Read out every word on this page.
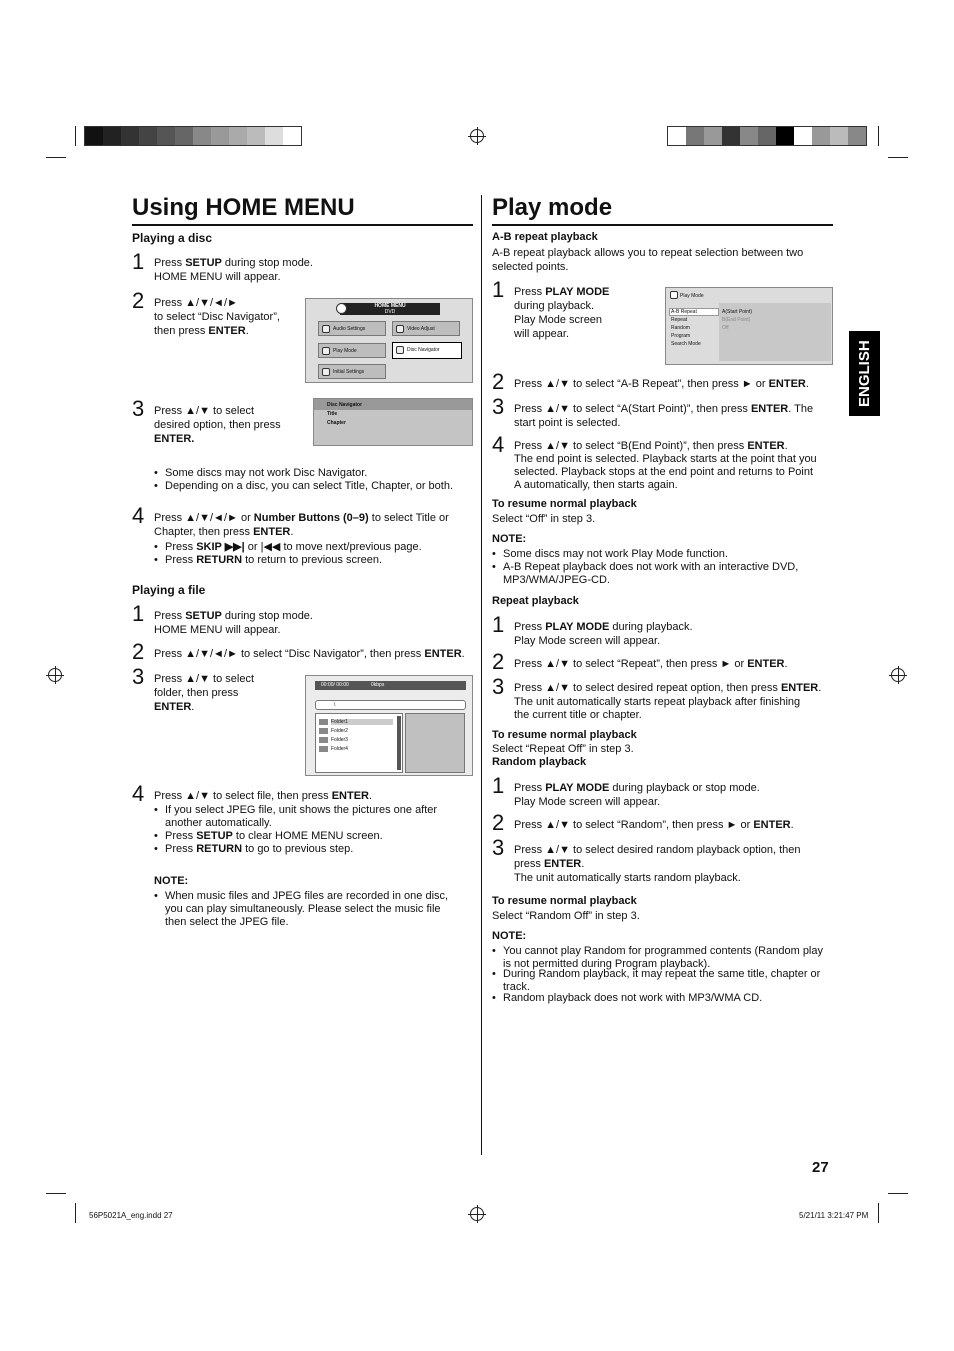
Using HOME MENU
Playing a disc
1 Press SETUP during stop mode.
HOME MENU will appear.
2 Press ▲/▼/◄/►
to select “Disc Navigator”,
then press ENTER.
HOME MENU
DVD
Audio Settings	Video Adjust
Play Mode	Disc Navigator
Initial Settings
3 Press ▲/▼ to select
desired option, then press
ENTER.
Disc Navigator
Title
Chapter
• Some discs may not work Disc Navigator.
• Depending on a disc, you can select Title, Chapter, or both.
4 Press ▲/▼/◄/► or Number Buttons (0–9) to select Title or
Chapter, then press ENTER.
• Press SKIP ▶▶| or |◀◀ to move next/previous page.
• Press RETURN to return to previous screen.
Playing a file
1 Press SETUP during stop mode.
HOME MENU will appear.
2 Press ▲/▼/◄/► to select “Disc Navigator”, then press ENTER.
3 Press ▲/▼ to select
folder, then press
ENTER.
00:00/ 00:00	0kbps
\
Folder1
Folder2
Folder3
Folder4
4 Press ▲/▼ to select file, then press ENTER.
• If you select JPEG file, unit shows the pictures one after
another automatically.
• Press SETUP to clear HOME MENU screen.
• Press RETURN to go to previous step.
NOTE:
• When music files and JPEG files are recorded in one disc,
you can play simultaneously. Please select the music file
then select the JPEG file.
Play mode
A-B repeat playback
A-B repeat playback allows you to repeat selection between two
selected points.
1 Press PLAY MODE
during playback.
Play Mode screen
will appear.
Play Mode
A-B Repeat
Repeat
Random
Program
Search Mode
A(Start Point)
B(End Point)
Off
2 Press ▲/▼ to select “A-B Repeat”, then press ► or ENTER.
3 Press ▲/▼ to select “A(Start Point)”, then press ENTER. The
start point is selected.
4 Press ▲/▼ to select “B(End Point)”, then press ENTER.
The end point is selected. Playback starts at the point that you
selected. Playback stops at the end point and returns to Point
A automatically, then starts again.
To resume normal playback
Select “Off” in step 3.
NOTE:
• Some discs may not work Play Mode function.
• A-B Repeat playback does not work with an interactive DVD,
MP3/WMA/JPEG-CD.
Repeat playback
1 Press PLAY MODE during playback.
Play Mode screen will appear.
2 Press ▲/▼ to select “Repeat”, then press ► or ENTER.
3 Press ▲/▼ to select desired repeat option, then press ENTER.
The unit automatically starts repeat playback after finishing
the current title or chapter.
To resume normal playback
Select “Repeat Off” in step 3.
Random playback
1 Press PLAY MODE during playback or stop mode.
Play Mode screen will appear.
2 Press ▲/▼ to select “Random”, then press ► or ENTER.
3 Press ▲/▼ to select desired random playback option, then
press ENTER.
The unit automatically starts random playback.
To resume normal playback
Select “Random Off” in step 3.
NOTE:
• You cannot play Random for programmed contents (Random play
is not permitted during Program playback).
• During Random playback, it may repeat the same title, chapter or
track.
• Random playback does not work with MP3/WMA CD.
ENGLISH
27
56P5021A_eng.indd 27	5/21/11 3:21:47 PM
